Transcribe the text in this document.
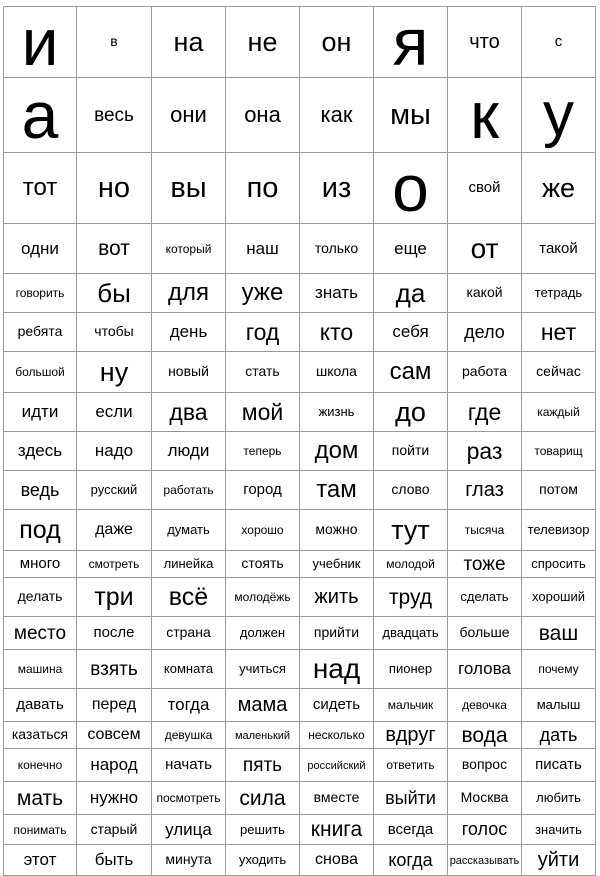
и	в	на	не	он	я	что	с
а	весь	они	она	как	мы	к	у
тот	но	вы	по	из	о	свой	же
одни	вот	который	наш	только	еще	от	такой
говорить	бы	для	уже	знать	да	какой	тетрадь
ребята	чтобы	день	год	кто	себя	дело	нет
большой	ну	новый	стать	школа	сам	работа	сейчас
идти	если	два	мой	жизнь	до	где	каждый
здесь	надо	люди	теперь	дом	пойти	раз	товарищ
ведь	русский	работать	город	там	слово	глаз	потом
под	даже	думать	хорошо	можно	тут	тысяча	телевизор
много	смотреть	линейка	стоять	учебник	молодой	тоже	спросить
делать	три	всё	молодёжь	жить	труд	сделать	хороший
место	после	страна	должен	прийти	двадцать	больше	ваш
машина	взять	комната	учиться	над	пионер	голова	почему
давать	перед	тогда	мама	сидеть	мальчик	девочка	малыш
казаться	совсем	девушка	маленький	несколько	вдруг	вода	дать
конечно	народ	начать	пять	российский	ответить	вопрос	писать
мать	нужно	посмотреть	сила	вместе	выйти	Москва	любить
понимать	старый	улица	решить	книга	всегда	голос	значить
этот	быть	минута	уходить	снова	когда	рассказывать	уйти
